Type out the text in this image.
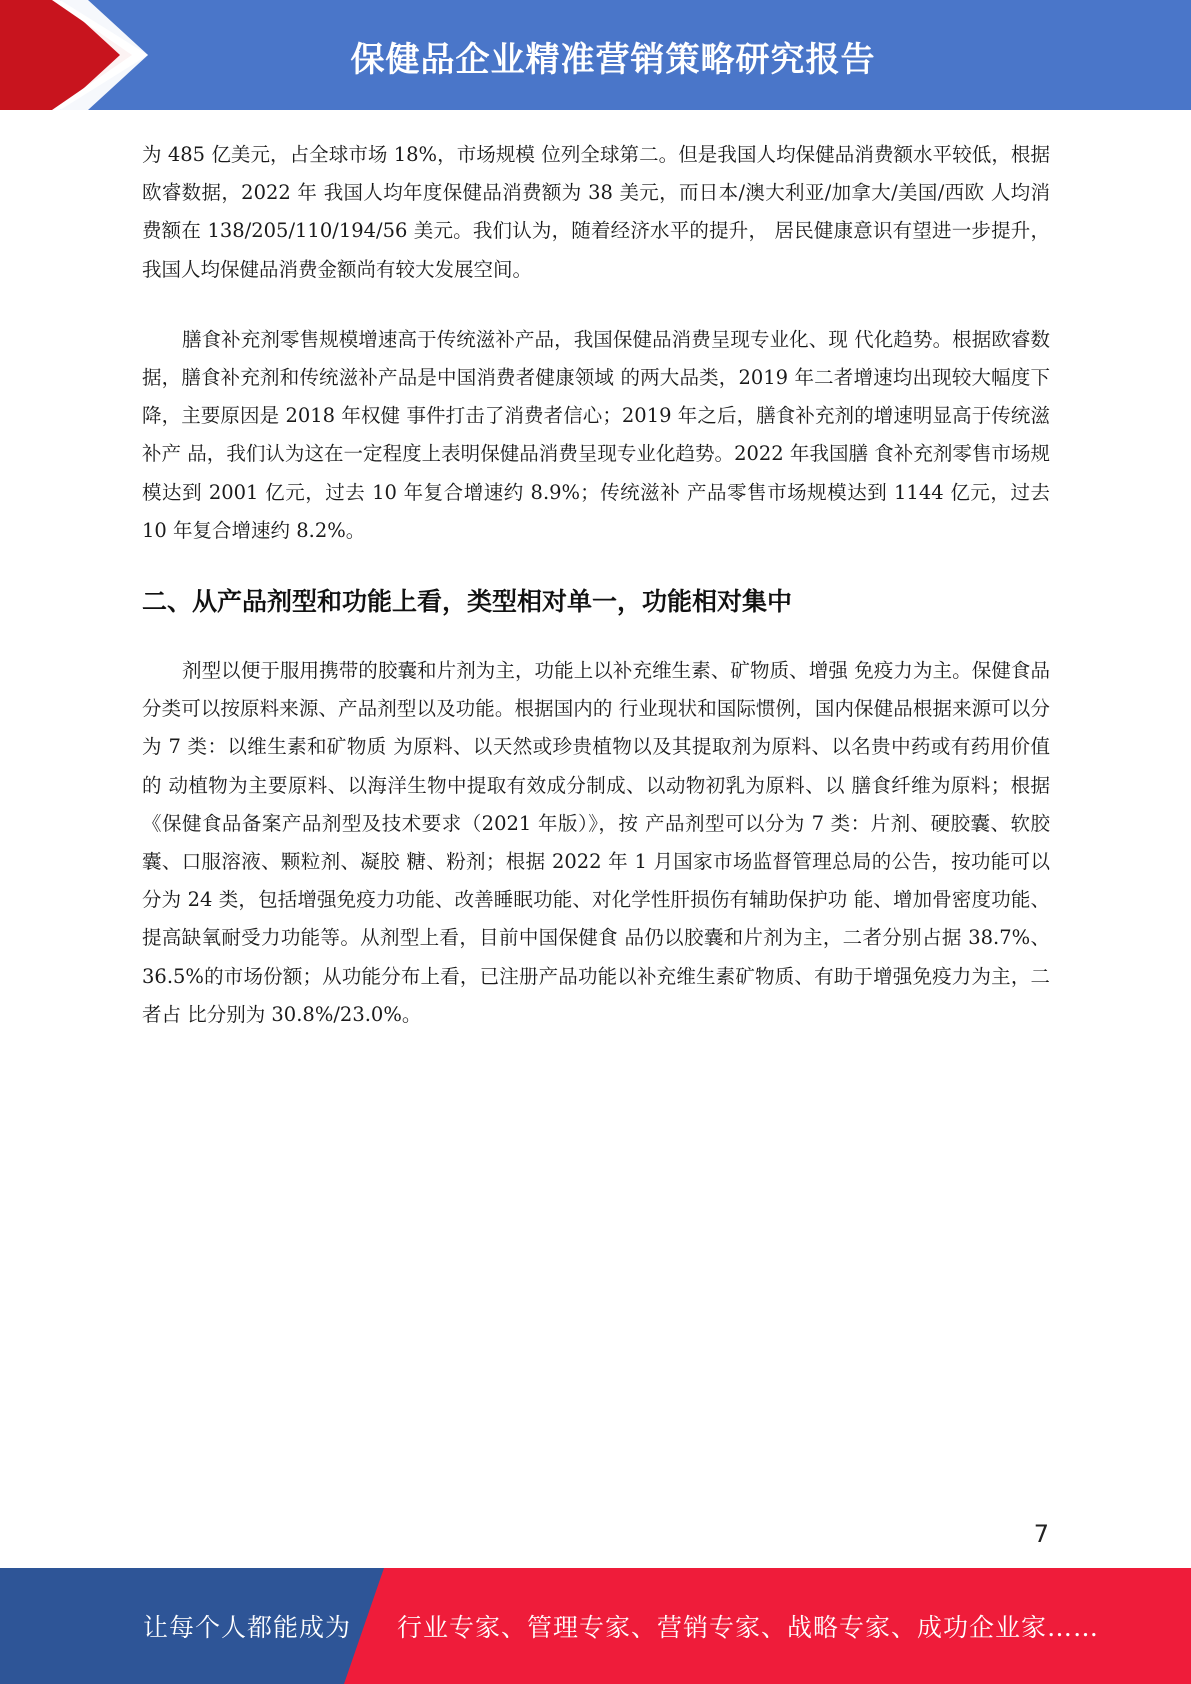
保健品企业精准营销策略研究报告

为 485 亿美元，占全球市场 18%，市场规模 位列全球第二。但是我国人均保健品消费额水平较低，根据欧睿数据，2022 年 我国人均年度保健品消费额为 38 美元，而日本/澳大利亚/加拿大/美国/西欧 人均消费额在 138/205/110/194/56 美元。我们认为，随着经济水平的提升， 居民健康意识有望进一步提升，我国人均保健品消费金额尚有较大发展空间。

膳食补充剂零售规模增速高于传统滋补产品，我国保健品消费呈现专业化、现 代化趋势。根据欧睿数据，膳食补充剂和传统滋补产品是中国消费者健康领域 的两大品类，2019 年二者增速均出现较大幅度下降，主要原因是 2018 年权健 事件打击了消费者信心；2019 年之后，膳食补充剂的增速明显高于传统滋补产 品，我们认为这在一定程度上表明保健品消费呈现专业化趋势。2022 年我国膳 食补充剂零售市场规模达到 2001 亿元，过去 10 年复合增速约 8.9%；传统滋补 产品零售市场规模达到 1144 亿元，过去 10 年复合增速约 8.2%。

二、从产品剂型和功能上看，类型相对单一，功能相对集中

剂型以便于服用携带的胶囊和片剂为主，功能上以补充维生素、矿物质、增强 免疫力为主。保健食品分类可以按原料来源、产品剂型以及功能。根据国内的 行业现状和国际惯例，国内保健品根据来源可以分为 7 类：以维生素和矿物质 为原料、以天然或珍贵植物以及其提取剂为原料、以名贵中药或有药用价值的 动植物为主要原料、以海洋生物中提取有效成分制成、以动物初乳为原料、以 膳食纤维为原料；根据《保健食品备案产品剂型及技术要求（2021 年版）》，按 产品剂型可以分为 7 类：片剂、硬胶囊、软胶囊、口服溶液、颗粒剂、凝胶 糖、粉剂；根据 2022 年 1 月国家市场监督管理总局的公告，按功能可以分为 24 类，包括增强免疫力功能、改善睡眠功能、对化学性肝损伤有辅助保护功 能、增加骨密度功能、提高缺氧耐受力功能等。从剂型上看，目前中国保健食 品仍以胶囊和片剂为主，二者分别占据 38.7%、36.5%的市场份额；从功能分布上看，已注册产品功能以补充维生素矿物质、有助于增强免疫力为主，二者占 比分别为 30.8%/23.0%。

7
让每个人都能成为 行业专家、管理专家、营销专家、战略专家、成功企业家……
